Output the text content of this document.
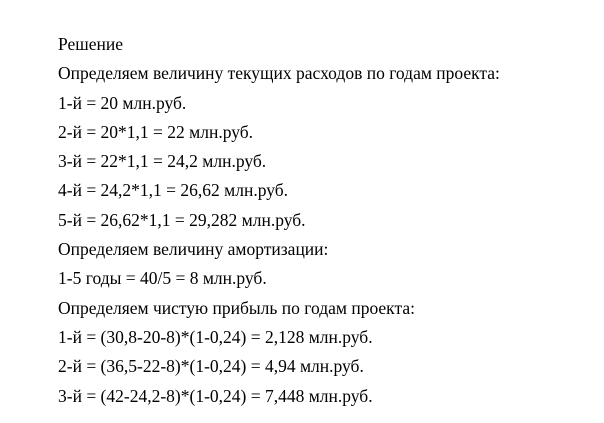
Решение
Определяем величину текущих расходов по годам проекта:
1-й = 20 млн.руб.
2-й = 20*1,1 = 22 млн.руб.
3-й = 22*1,1 = 24,2 млн.руб.
4-й = 24,2*1,1 = 26,62 млн.руб.
5-й = 26,62*1,1 = 29,282 млн.руб.
Определяем величину амортизации:
1-5 годы = 40/5 = 8 млн.руб.
Определяем чистую прибыль по годам проекта:
1-й = (30,8-20-8)*(1-0,24) = 2,128 млн.руб.
2-й = (36,5-22-8)*(1-0,24) = 4,94 млн.руб.
3-й = (42-24,2-8)*(1-0,24) = 7,448 млн.руб.
